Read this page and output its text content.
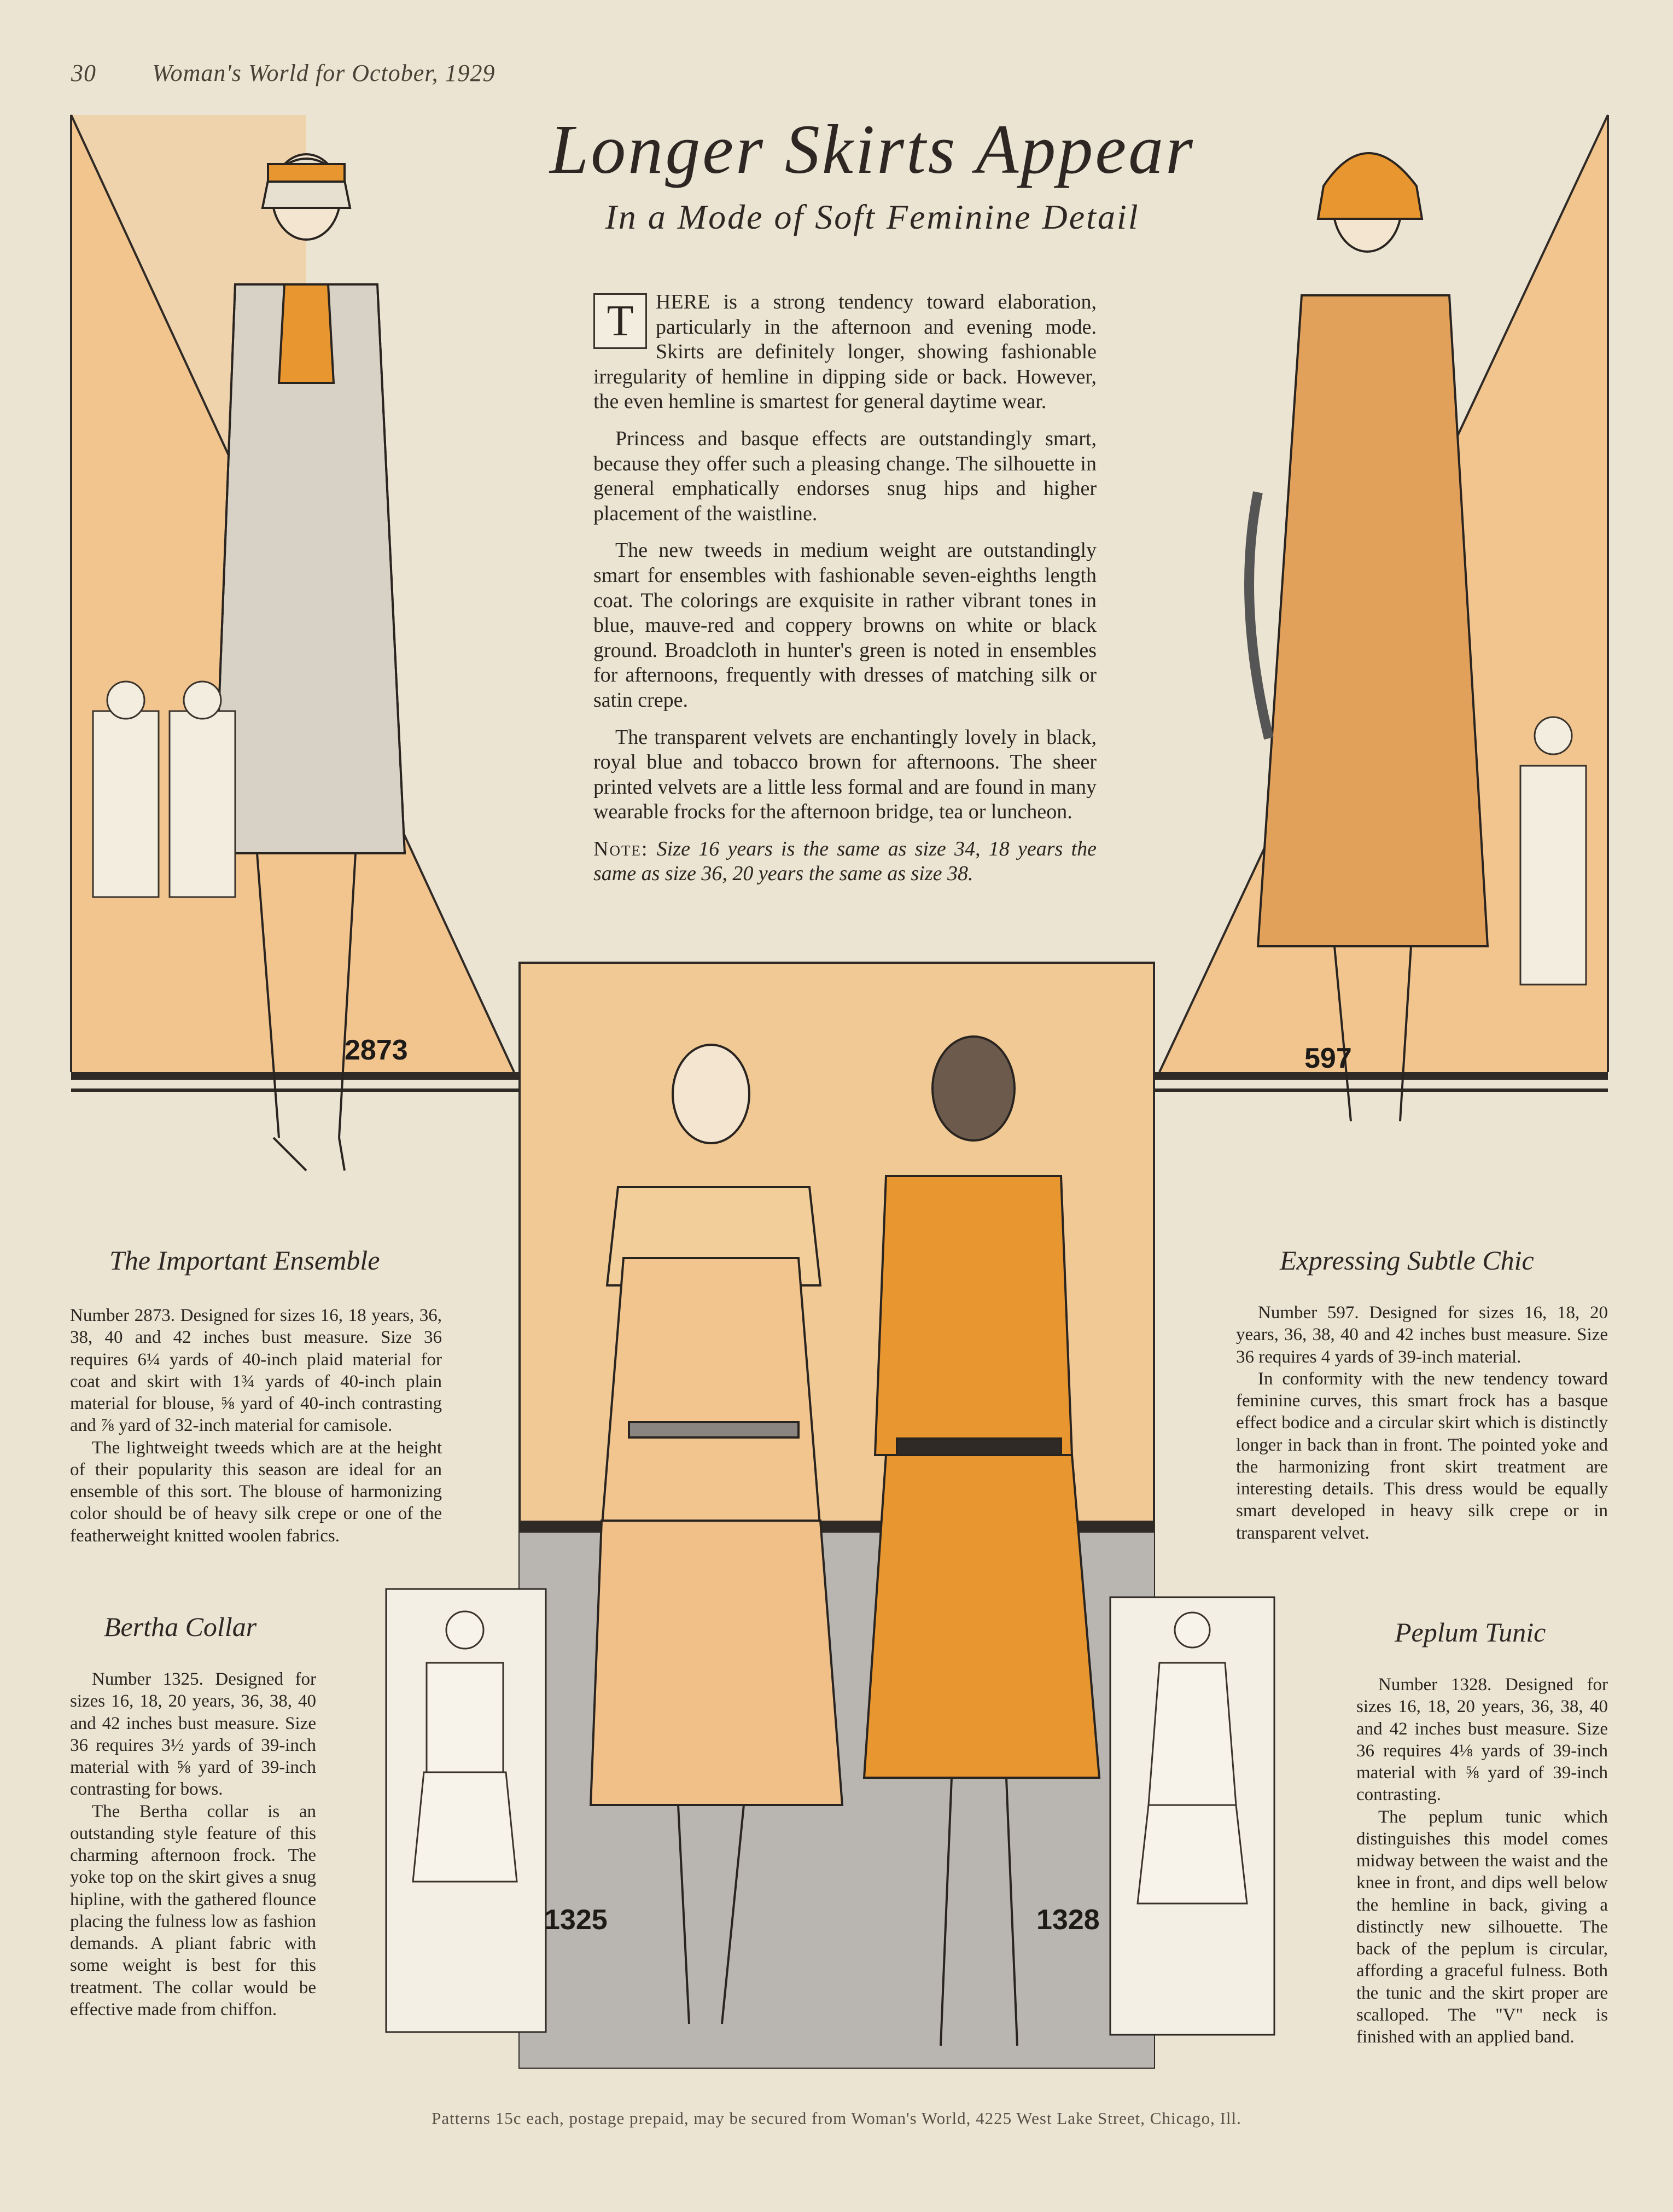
30 Woman's World for October, 1929
Longer Skirts Appear
In a Mode of Soft Feminine Detail
2873	597
1325	1328

T	HERE is a strong tendency toward elaboration, particularly in the afternoon and evening mode. Skirts are definitely longer, showing fashionable irregularity of hemline in dipping side or back. However, the even hemline is smartest for general daytime wear.

Princess and basque effects are outstandingly smart, because they offer such a pleasing change. The silhouette in general emphatically endorses snug hips and higher placement of the waistline.

The new tweeds in medium weight are outstandingly smart for ensembles with fashionable seven-eighths length coat. The colorings are exquisite in rather vibrant tones in blue, mauve-red and coppery browns on white or black ground. Broadcloth in hunter's green is noted in ensembles for afternoons, frequently with dresses of matching silk or satin crepe.

The transparent velvets are enchantingly lovely in black, royal blue and tobacco brown for afternoons. The sheer printed velvets are a little less formal and are found in many wearable frocks for the afternoon bridge, tea or luncheon.

Note: Size 16 years is the same as size 34, 18 years the same as size 36, 20 years the same as size 38.

The Important Ensemble

Number 2873. Designed for sizes 16, 18 years, 36, 38, 40 and 42 inches bust measure. Size 36 requires 6¼ yards of 40-inch plaid material for coat and skirt with 1¾ yards of 40-inch plain material for blouse, ⅝ yard of 40-inch contrasting and ⅞ yard of 32-inch material for camisole.

The lightweight tweeds which are at the height of their popularity this season are ideal for an ensemble of this sort. The blouse of harmonizing color should be of heavy silk crepe or one of the featherweight knitted woolen fabrics.

Bertha Collar

Number 1325. Designed for sizes 16, 18, 20 years, 36, 38, 40 and 42 inches bust measure. Size 36 requires 3½ yards of 39-inch material with ⅝ yard of 39-inch contrasting for bows.

The Bertha collar is an outstanding style feature of this charming afternoon frock. The yoke top on the skirt gives a snug hipline, with the gathered flounce placing the fulness low as fashion demands. A pliant fabric with some weight is best for this treatment. The collar would be effective made from chiffon.

Expressing Subtle Chic

Number 597. Designed for sizes 16, 18, 20 years, 36, 38, 40 and 42 inches bust measure. Size 36 requires 4 yards of 39-inch material.

In conformity with the new tendency toward feminine curves, this smart frock has a basque effect bodice and a circular skirt which is distinctly longer in back than in front. The pointed yoke and the harmonizing front skirt treatment are interesting details. This dress would be equally smart developed in heavy silk crepe or in transparent velvet.

Peplum Tunic

Number 1328. Designed for sizes 16, 18, 20 years, 36, 38, 40 and 42 inches bust measure. Size 36 requires 4⅛ yards of 39-inch material with ⅝ yard of 39-inch contrasting.

The peplum tunic which distinguishes this model comes midway between the waist and the knee in front, and dips well below the hemline in back, giving a distinctly new silhouette. The back of the peplum is circular, affording a graceful fulness. Both the tunic and the skirt proper are scalloped. The "V" neck is finished with an applied band.

Patterns 15c each, postage prepaid, may be secured from Woman's World, 4225 West Lake Street, Chicago, Ill.
